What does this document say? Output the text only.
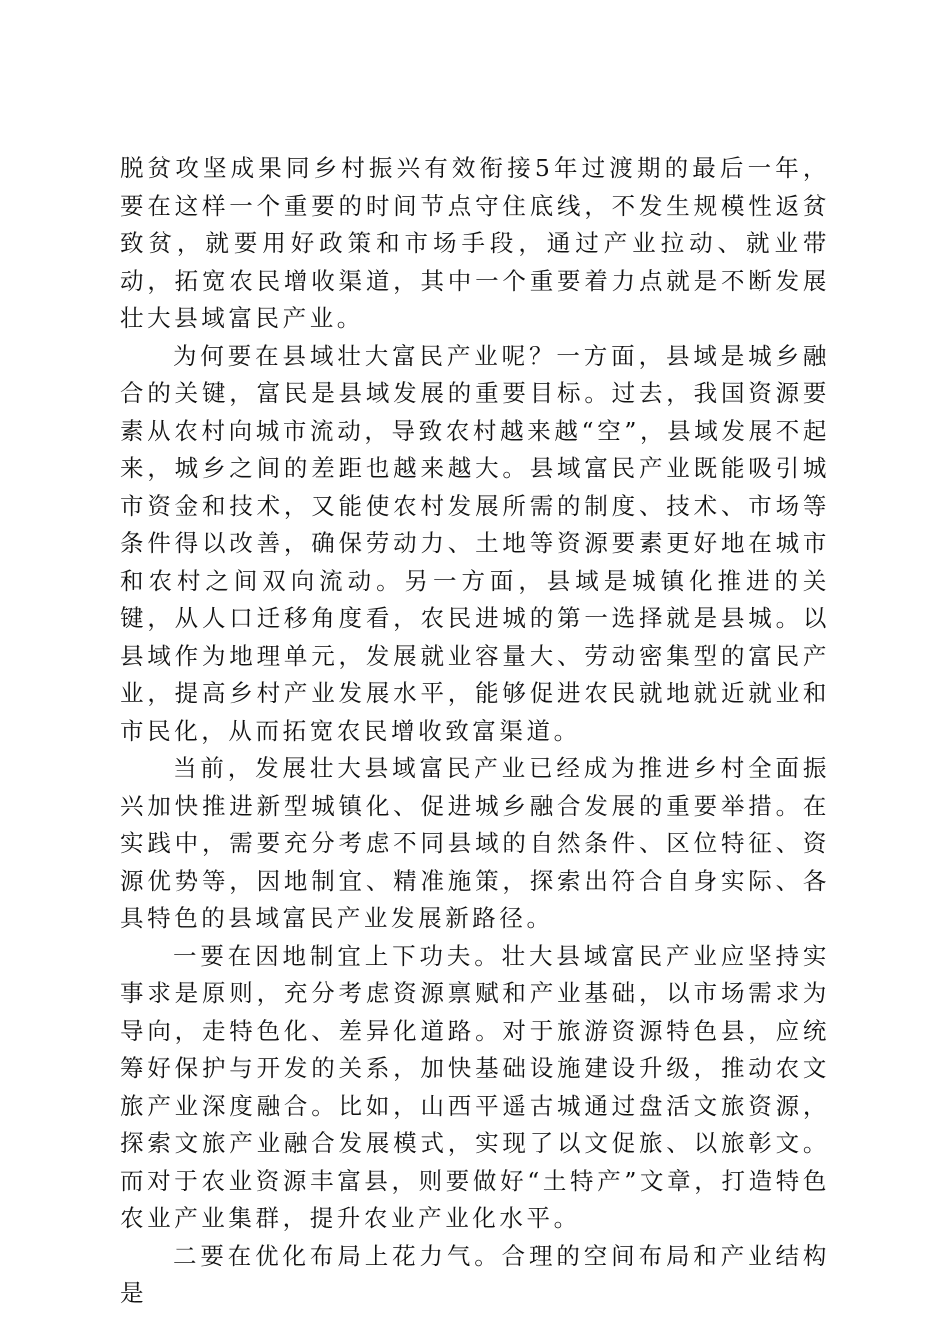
脱贫攻坚成果同乡村振兴有效衔接5年过渡期的最后一年，要在这样一个重要的时间节点守住底线，不发生规模性返贫致贫，就要用好政策和市场手段，通过产业拉动、就业带动，拓宽农民增收渠道，其中一个重要着力点就是不断发展壮大县域富民产业。

为何要在县域壮大富民产业呢？一方面，县域是城乡融合的关键，富民是县域发展的重要目标。过去，我国资源要素从农村向城市流动，导致农村越来越“空”，县域发展不起来，城乡之间的差距也越来越大。县域富民产业既能吸引城市资金和技术，又能使农村发展所需的制度、技术、市场等条件得以改善，确保劳动力、土地等资源要素更好地在城市和农村之间双向流动。另一方面，县域是城镇化推进的关键，从人口迁移角度看，农民进城的第一选择就是县城。以县域作为地理单元，发展就业容量大、劳动密集型的富民产业，提高乡村产业发展水平，能够促进农民就地就近就业和市民化，从而拓宽农民增收致富渠道。

当前，发展壮大县域富民产业已经成为推进乡村全面振兴加快推进新型城镇化、促进城乡融合发展的重要举措。在实践中，需要充分考虑不同县域的自然条件、区位特征、资源优势等，因地制宜、精准施策，探索出符合自身实际、各具特色的县域富民产业发展新路径。

一要在因地制宜上下功夫。壮大县域富民产业应坚持实事求是原则，充分考虑资源禀赋和产业基础，以市场需求为导向，走特色化、差异化道路。对于旅游资源特色县，应统筹好保护与开发的关系，加快基础设施建设升级，推动农文旅产业深度融合。比如，山西平遥古城通过盘活文旅资源，探索文旅产业融合发展模式，实现了以文促旅、以旅彰文。而对于农业资源丰富县，则要做好“土特产”文章，打造特色农业产业集群，提升农业产业化水平。

二要在优化布局上花力气。合理的空间布局和产业结构是
